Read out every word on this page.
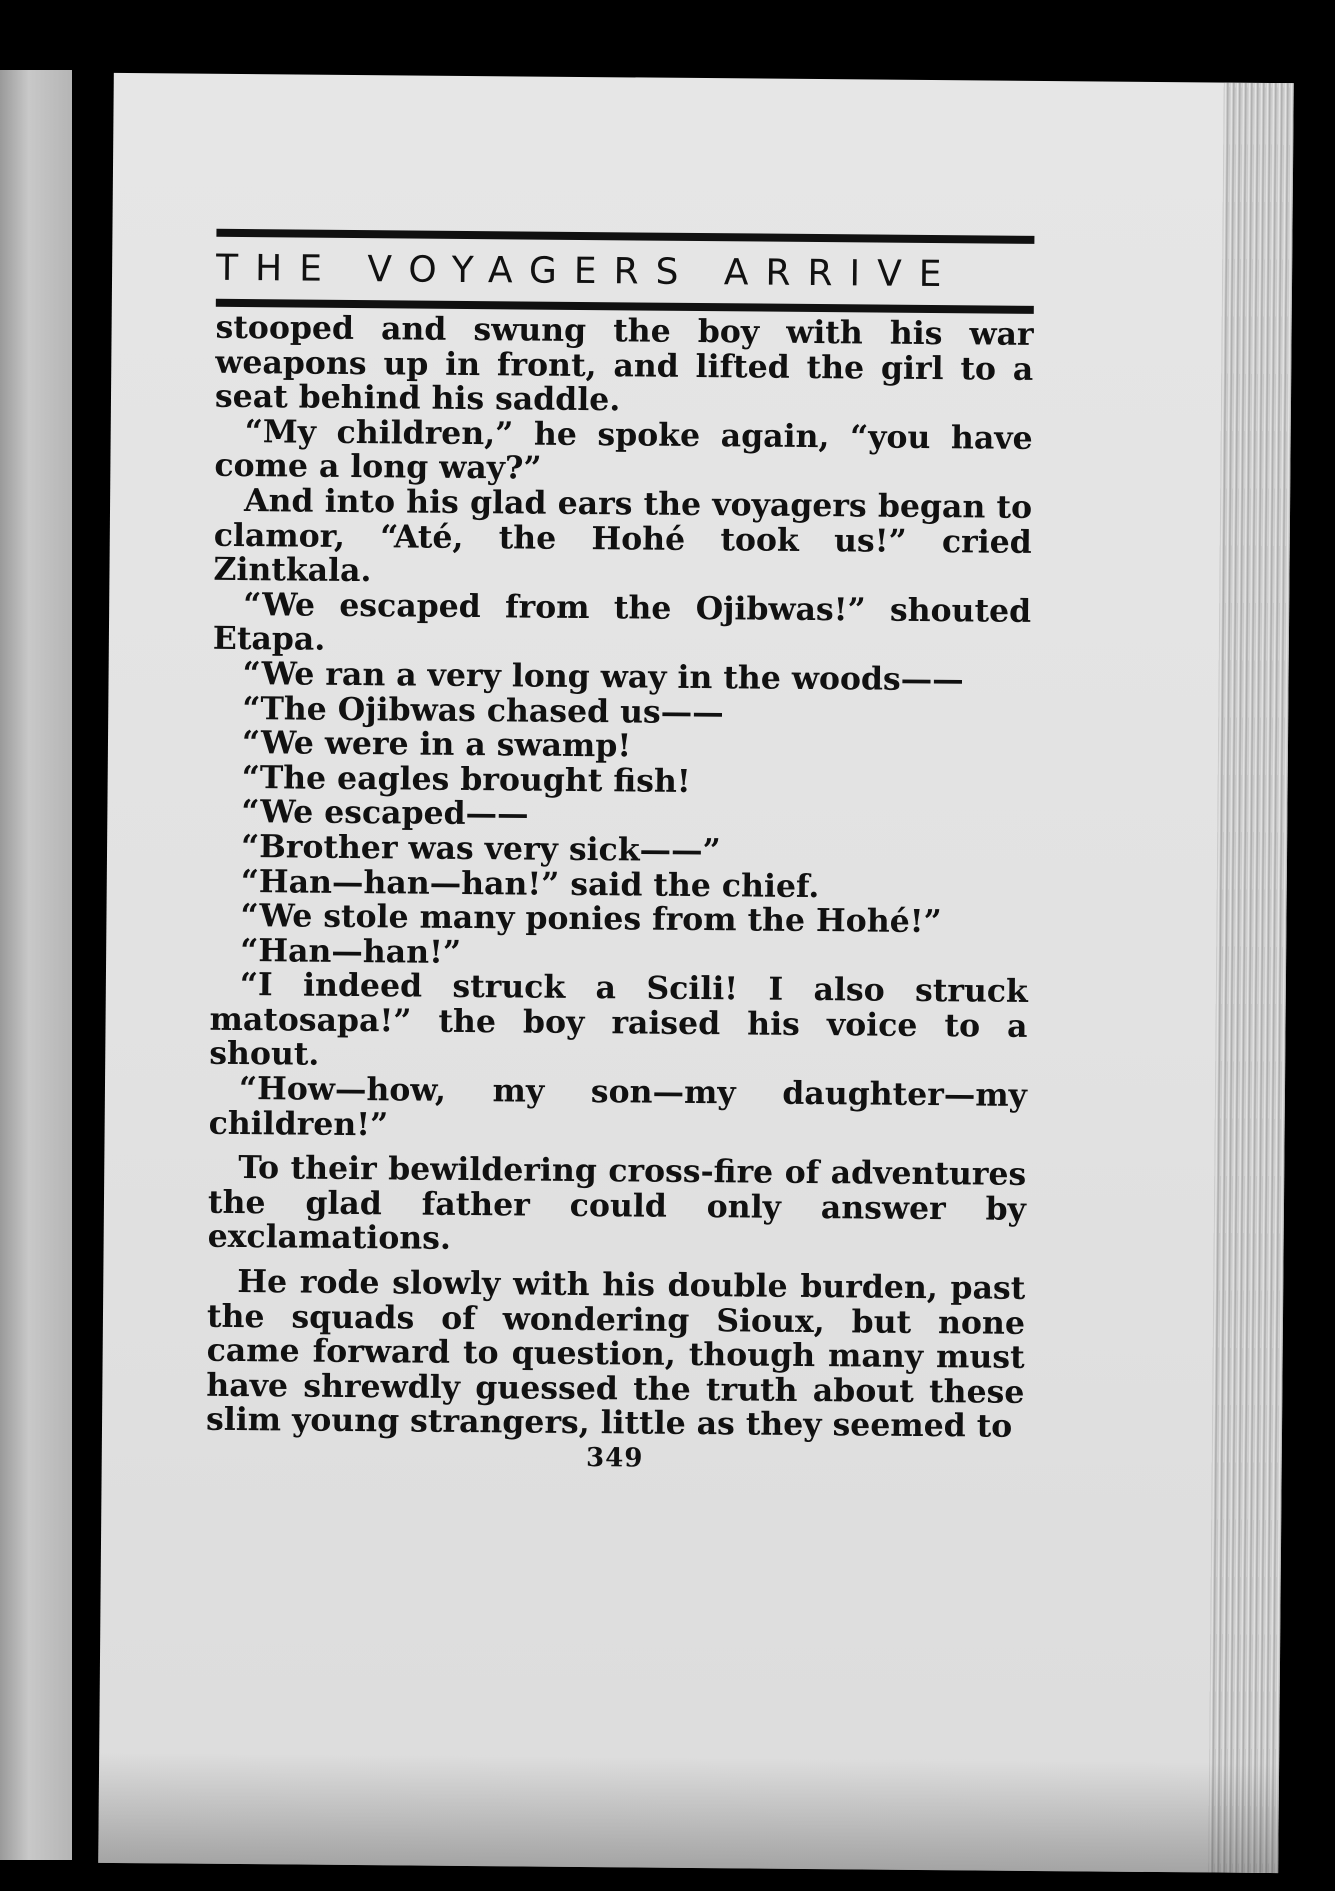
THE VOYAGERS ARRIVE

stooped and swung the boy with his war weapons up in front, and lifted the girl to a seat behind his saddle.

“My children,” he spoke again, “you have come a long way?”

And into his glad ears the voyagers began to clamor, “Até, the Hohé took us!” cried Zintkala.

“We escaped from the Ojibwas!” shouted Etapa.

“We ran a very long way in the woods——

“The Ojibwas chased us——

“We were in a swamp!

“The eagles brought fish!

“We escaped——

“Brother was very sick——”

“Han—han—han!” said the chief.

“We stole many ponies from the Hohé!”

“Han—han!”

“I indeed struck a Scili! I also struck matosapa!” the boy raised his voice to a shout.

“How—how, my son—my daughter—my children!”

To their bewildering cross-fire of adventures the glad father could only answer by exclamations.

He rode slowly with his double burden, past the squads of wondering Sioux, but none came forward to question, though many must have shrewdly guessed the truth about these slim young strangers, little as they seemed to

349
